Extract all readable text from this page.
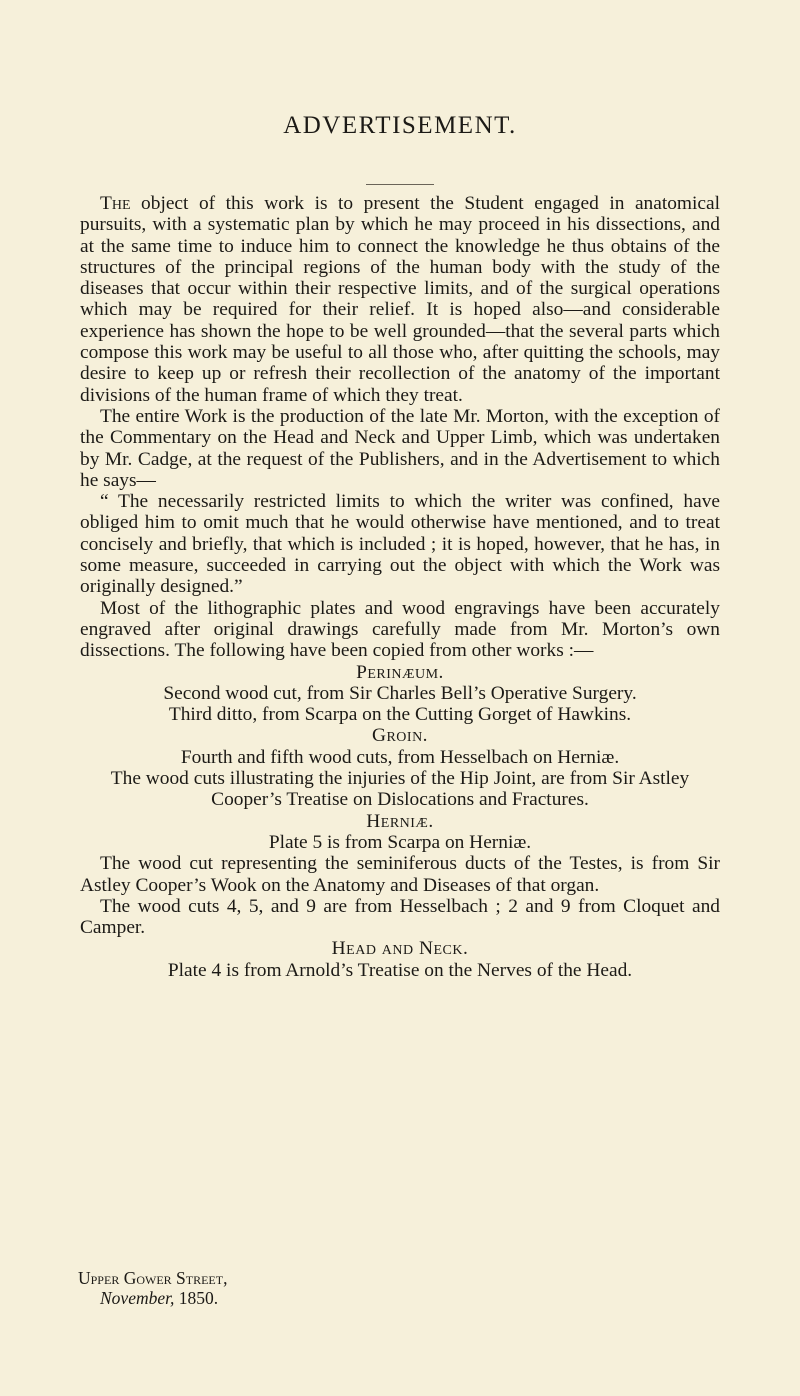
ADVERTISEMENT.

The object of this work is to present the Student engaged in anatomical pursuits, with a systematic plan by which he may proceed in his dissections, and at the same time to induce him to connect the knowledge he thus obtains of the structures of the principal regions of the human body with the study of the diseases that occur within their respective limits, and of the surgical operations which may be required for their relief. It is hoped also—and considerable experience has shown the hope to be well grounded—that the several parts which compose this work may be useful to all those who, after quitting the schools, may desire to keep up or refresh their recollection of the anatomy of the important divisions of the human frame of which they treat.

The entire Work is the production of the late Mr. Morton, with the exception of the Commentary on the Head and Neck and Upper Limb, which was undertaken by Mr. Cadge, at the request of the Publishers, and in the Advertisement to which he says—

“ The necessarily restricted limits to which the writer was confined, have obliged him to omit much that he would otherwise have mentioned, and to treat concisely and briefly, that which is included ; it is hoped, however, that he has, in some measure, succeeded in carrying out the object with which the Work was originally designed.”

Most of the lithographic plates and wood engravings have been accurately engraved after original drawings carefully made from Mr. Morton’s own dissections. The following have been copied from other works :—

Perinæum.

Second wood cut, from Sir Charles Bell’s Operative Surgery.

Third ditto, from Scarpa on the Cutting Gorget of Hawkins.

Groin.

Fourth and fifth wood cuts, from Hesselbach on Herniæ.

The wood cuts illustrating the injuries of the Hip Joint, are from Sir Astley Cooper’s Treatise on Dislocations and Fractures.

Herniæ.

Plate 5 is from Scarpa on Herniæ.

The wood cut representing the seminiferous ducts of the Testes, is from Sir Astley Cooper’s Wook on the Anatomy and Diseases of that organ.

The wood cuts 4, 5, and 9 are from Hesselbach ; 2 and 9 from Cloquet and Camper.

Head and Neck.

Plate 4 is from Arnold’s Treatise on the Nerves of the Head.

Upper Gower Street,
November, 1850.
